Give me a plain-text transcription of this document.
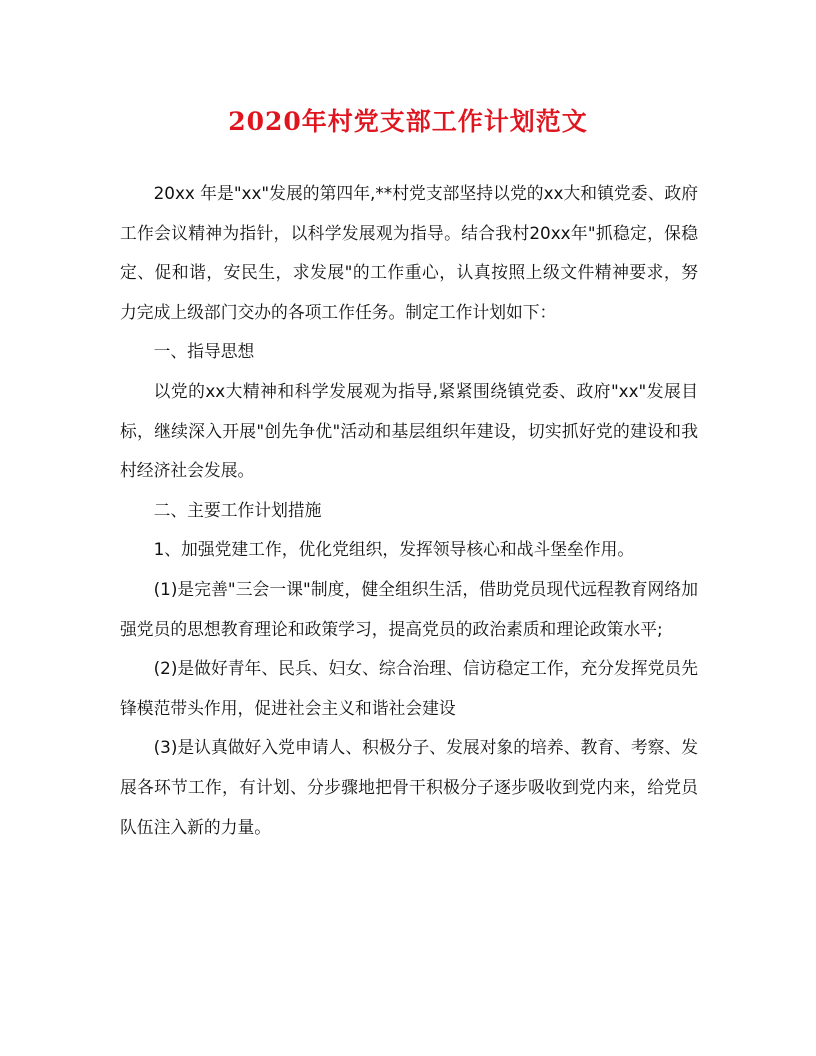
2020年村党支部工作计划范文

20xx 年是"xx"发展的第四年,**村党支部坚持以党的xx大和镇党委、政府工作会议精神为指针，以科学发展观为指导。结合我村20xx年"抓稳定，保稳定、促和谐，安民生，求发展"的工作重心，认真按照上级文件精神要求，努力完成上级部门交办的各项工作任务。制定工作计划如下：

一、指导思想

以党的xx大精神和科学发展观为指导,紧紧围绕镇党委、政府"xx"发展目标，继续深入开展"创先争优"活动和基层组织年建设，切实抓好党的建设和我村经济社会发展。

二、主要工作计划措施

1、加强党建工作，优化党组织，发挥领导核心和战斗堡垒作用。

(1)是完善"三会一课"制度，健全组织生活，借助党员现代远程教育网络加强党员的思想教育理论和政策学习，提高党员的政治素质和理论政策水平;

(2)是做好青年、民兵、妇女、综合治理、信访稳定工作，充分发挥党员先锋模范带头作用，促进社会主义和谐社会建设

(3)是认真做好入党申请人、积极分子、发展对象的培养、教育、考察、发展各环节工作，有计划、分步骤地把骨干积极分子逐步吸收到党内来，给党员队伍注入新的力量。
